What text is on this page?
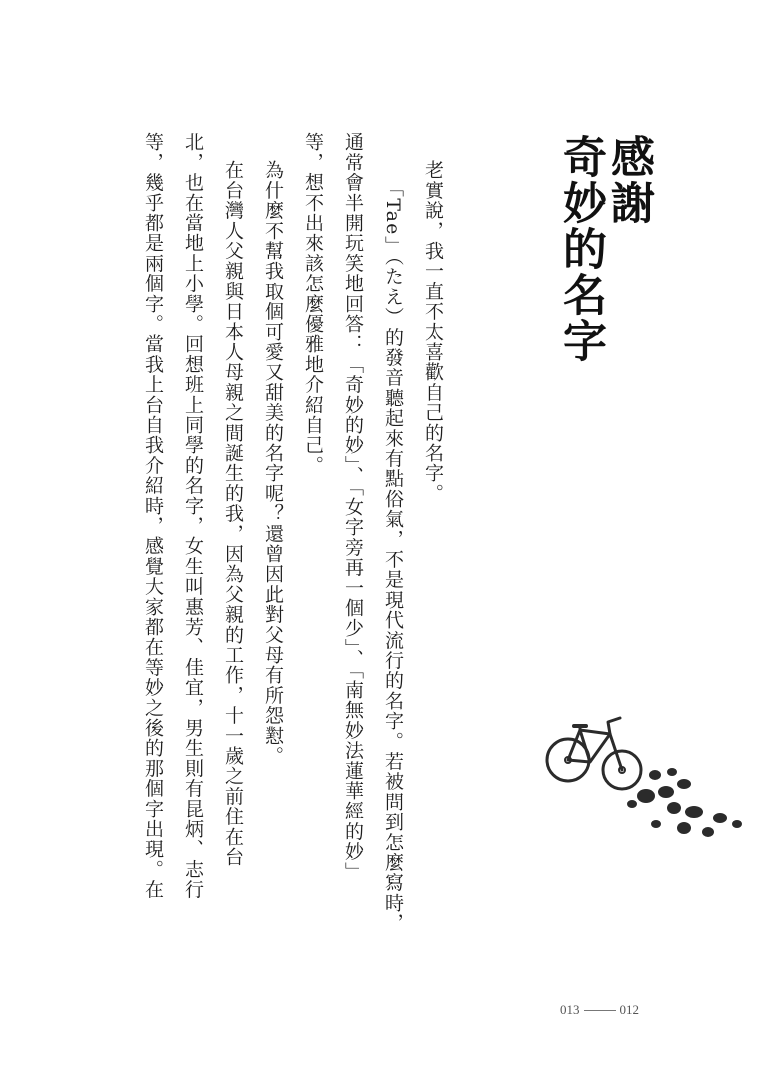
感謝
奇妙的名字
老實說，我一直不太喜歡自己的名字。
「Tae」（たえ）的發音聽起來有點俗氣，不是現代流行的名字。若被問到怎麼寫時，
通常會半開玩笑地回答：「奇妙的妙」、「女字旁再一個少」、「南無妙法蓮華經的妙」
等，想不出來該怎麼優雅地介紹自己。
為什麼不幫我取個可愛又甜美的名字呢？還曾因此對父母有所怨懟。
在台灣人父親與日本人母親之間誕生的我，因為父親的工作，十一歲之前住在台
北，也在當地上小學。回想班上同學的名字，女生叫惠芳、佳宜，男生則有昆炳、志行
等，幾乎都是兩個字。當我上台自我介紹時，感覺大家都在等妙之後的那個字出現。在
013	012
